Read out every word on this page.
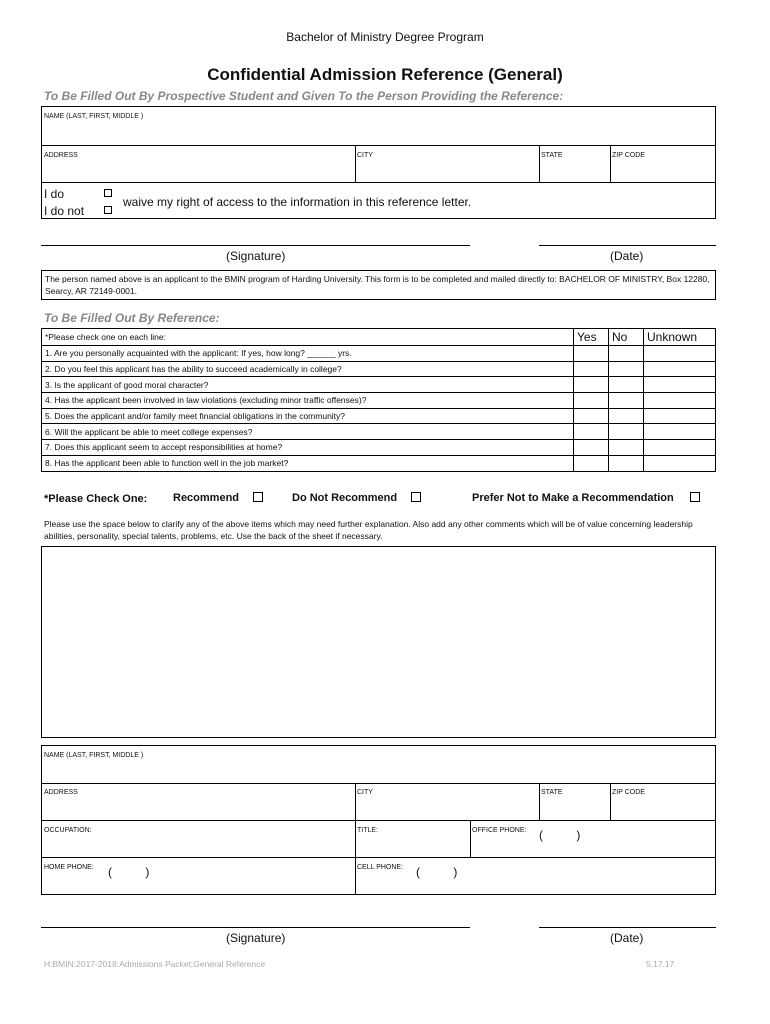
Bachelor of Ministry Degree Program
Confidential Admission Reference (General)
To Be Filled Out By Prospective Student and Given To the Person Providing the Reference:
NAME (LAST, FIRST, MIDDLE )
ADDRESS	CITY	STATE	ZIP CODE
I do
I do not
waive my right of access to the information in this reference letter.
(Signature)	(Date)
The person named above is an applicant to the BMIN program of Harding University. This form is to be completed and mailed directly to: BACHELOR OF MINISTRY, Box 12280, Searcy, AR 72149-0001.
To Be Filled Out By Reference:
*Please check one on each line:	Yes	No	Unknown
1. Are you personally acquainted with the applicant: If yes, how long? ______ yrs.			
2. Do you feel this applicant has the ability to succeed academically in college?			
3. Is the applicant of good moral character?			
4. Has the applicant been involved in law violations (excluding minor traffic offenses)?			
5. Does the applicant and/or family meet financial obligations in the community?			
6. Will the applicant be able to meet college expenses?			
7. Does this applicant seem to accept responsibilities at home?			
8. Has the applicant been able to function well in the job market?			
*Please Check One: Recommend	Do Not Recommend	Prefer Not to Make a Recommendation
Please use the space below to clarify any of the above items which may need further explanation. Also add any other comments which will be of value concerning leadership abilities, personality, special talents, problems, etc. Use the back of the sheet if necessary.
NAME (LAST, FIRST, MIDDLE )
ADDRESS	CITY	STATE	ZIP CODE
OCCUPATION:	TITLE:	OFFICE PHONE: (          )
HOME PHONE: (          )	CELL PHONE: (          )
(Signature)	(Date)
H:BMIN:2017-2018:Admissions Packet:General Reference	5.17.17
